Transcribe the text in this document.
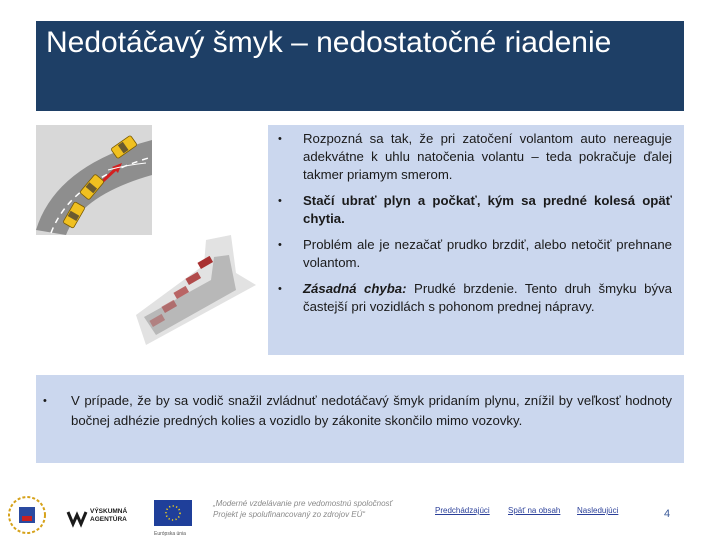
Nedotáčavý šmyk – nedostatočné riadenie
• Rozpozná sa tak, že pri zatočení volantom auto nereaguje adekvátne k uhlu natočenia volantu – teda pokračuje ďalej takmer priamym smerom.
• Stačí ubrať plyn a počkať, kým sa predné kolesá opäť chytia.
• Problém ale je nezačať prudko brzdiť, alebo netočiť prehnane volantom.
• Zásadná chyba: Prudké brzdenie. Tento druh šmyku býva častejší pri vozidlách s pohonom prednej nápravy.
• V prípade, že by sa vodič snažil zvládnuť nedotáčavý šmyk pridaním plynu, znížil by veľkosť hodnoty bočnej adhézie predných kolies a vozidlo by zákonite skončilo mimo vozovky.
VÝSKUMNÁ AGENTÚRA
Európska únia
„Moderné vzdelávanie pre vedomostnú spoločnosť
Projekt je spolufinancovaný zo zdrojov EÚ“	Predchádzajúci Späť na obsah Nasledujúci	4
